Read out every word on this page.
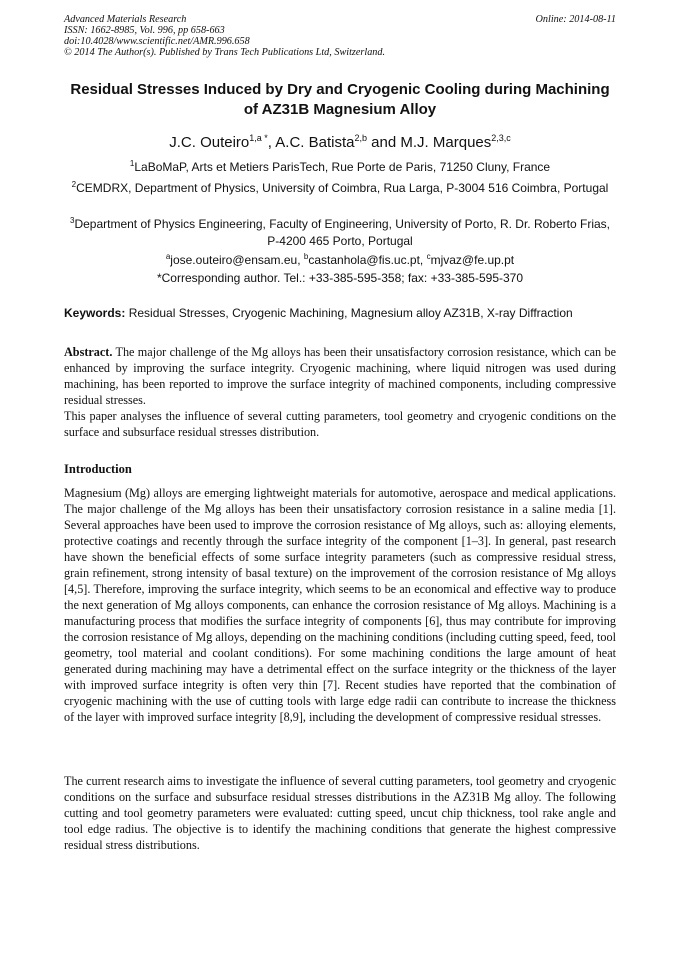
Advanced Materials Research	Online: 2014-08-11
ISSN: 1662-8985, Vol. 996, pp 658-663
doi:10.4028/www.scientific.net/AMR.996.658
© 2014 The Author(s). Published by Trans Tech Publications Ltd, Switzerland.
Residual Stresses Induced by Dry and Cryogenic Cooling during Machining of AZ31B Magnesium Alloy
J.C. Outeiro$^{1,a *}$, A.C. Batista$^{2,b}$ and M.J. Marques$^{2,3,c}$
$^1$LaBoMaP, Arts et Metiers ParisTech, Rue Porte de Paris, 71250 Cluny, France
$^2$CEMDRX, Department of Physics, University of Coimbra, Rua Larga, P-3004 516 Coimbra, Portugal
$^3$Department of Physics Engineering, Faculty of Engineering, University of Porto, R. Dr. Roberto Frias, P-4200 465 Porto, Portugal
$^a$jose.outeiro@ensam.eu, $^b$castanhola@fis.uc.pt, $^c$mjvaz@fe.up.pt
*Corresponding author. Tel.: +33-385-595-358; fax: +33-385-595-370
Keywords: Residual Stresses, Cryogenic Machining, Magnesium alloy AZ31B, X-ray Diffraction

Abstract. The major challenge of the Mg alloys has been their unsatisfactory corrosion resistance, which can be enhanced by improving the surface integrity. Cryogenic machining, where liquid nitrogen was used during machining, has been reported to improve the surface integrity of machined components, including compressive residual stresses.

This paper analyses the influence of several cutting parameters, tool geometry and cryogenic conditions on the surface and subsurface residual stresses distribution.

Introduction

Magnesium (Mg) alloys are emerging lightweight materials for automotive, aerospace and medical applications. The major challenge of the Mg alloys has been their unsatisfactory corrosion resistance in a saline media [1]. Several approaches have been used to improve the corrosion resistance of Mg alloys, such as: alloying elements, protective coatings and recently through the surface integrity of the component [1–3]. In general, past research have shown the beneficial effects of some surface integrity parameters (such as compressive residual stress, grain refinement, strong intensity of basal texture) on the improvement of the corrosion resistance of Mg alloys [4,5]. Therefore, improving the surface integrity, which seems to be an economical and effective way to produce the next generation of Mg alloys components, can enhance the corrosion resistance of Mg alloys. Machining is a manufacturing process that modifies the surface integrity of components [6], thus may contribute for improving the corrosion resistance of Mg alloys, depending on the machining conditions (including cutting speed, feed, tool geometry, tool material and coolant conditions). For some machining conditions the large amount of heat generated during machining may have a detrimental effect on the surface integrity or the thickness of the layer with improved surface integrity is often very thin [7]. Recent studies have reported that the combination of cryogenic machining with the use of cutting tools with large edge radii can contribute to increase the thickness of the layer with improved surface integrity [8,9], including the development of compressive residual stresses.

The current research aims to investigate the influence of several cutting parameters, tool geometry and cryogenic conditions on the surface and subsurface residual stresses distributions in the AZ31B Mg alloy. The following cutting and tool geometry parameters were evaluated: cutting speed, uncut chip thickness, tool rake angle and tool edge radius. The objective is to identify the machining conditions that generate the highest compressive residual stress distributions.
